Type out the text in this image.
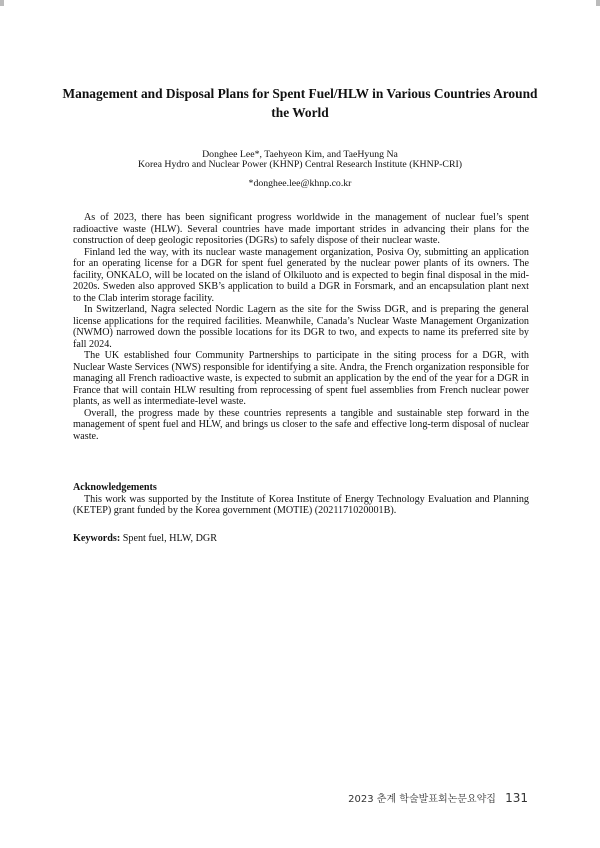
Management and Disposal Plans for Spent Fuel/HLW in Various Countries Around the World
Donghee Lee*, Taehyeon Kim, and TaeHyung Na
Korea Hydro and Nuclear Power (KHNP) Central Research Institute (KHNP-CRI)
*donghee.lee@khnp.co.kr

As of 2023, there has been significant progress worldwide in the management of nuclear fuel’s spent radioactive waste (HLW). Several countries have made important strides in advancing their plans for the construction of deep geologic repositories (DGRs) to safely dispose of their nuclear waste.

Finland led the way, with its nuclear waste management organization, Posiva Oy, submitting an application for an operating license for a DGR for spent fuel generated by the nuclear power plants of its owners. The facility, ONKALO, will be located on the island of Olkiluoto and is expected to begin final disposal in the mid-2020s. Sweden also approved SKB’s application to build a DGR in Forsmark, and an encapsulation plant next to the Clab interim storage facility.

In Switzerland, Nagra selected Nordic Lagern as the site for the Swiss DGR, and is preparing the general license applications for the required facilities. Meanwhile, Canada’s Nuclear Waste Management Organization (NWMO) narrowed down the possible locations for its DGR to two, and expects to name its preferred site by fall 2024.

The UK established four Community Partnerships to participate in the siting process for a DGR, with Nuclear Waste Services (NWS) responsible for identifying a site. Andra, the French organization responsible for managing all French radioactive waste, is expected to submit an application by the end of the year for a DGR in France that will contain HLW resulting from reprocessing of spent fuel assemblies from French nuclear power plants, as well as intermediate-level waste.

Overall, the progress made by these countries represents a tangible and sustainable step forward in the management of spent fuel and HLW, and brings us closer to the safe and effective long-term disposal of nuclear waste.

Acknowledgements

This work was supported by the Institute of Korea Institute of Energy Technology Evaluation and Planning (KETEP) grant funded by the Korea government (MOTIE) (2021171020001B).

Keywords: Spent fuel, HLW, DGR
2023 춘계 학술발표회논문요약집 131
